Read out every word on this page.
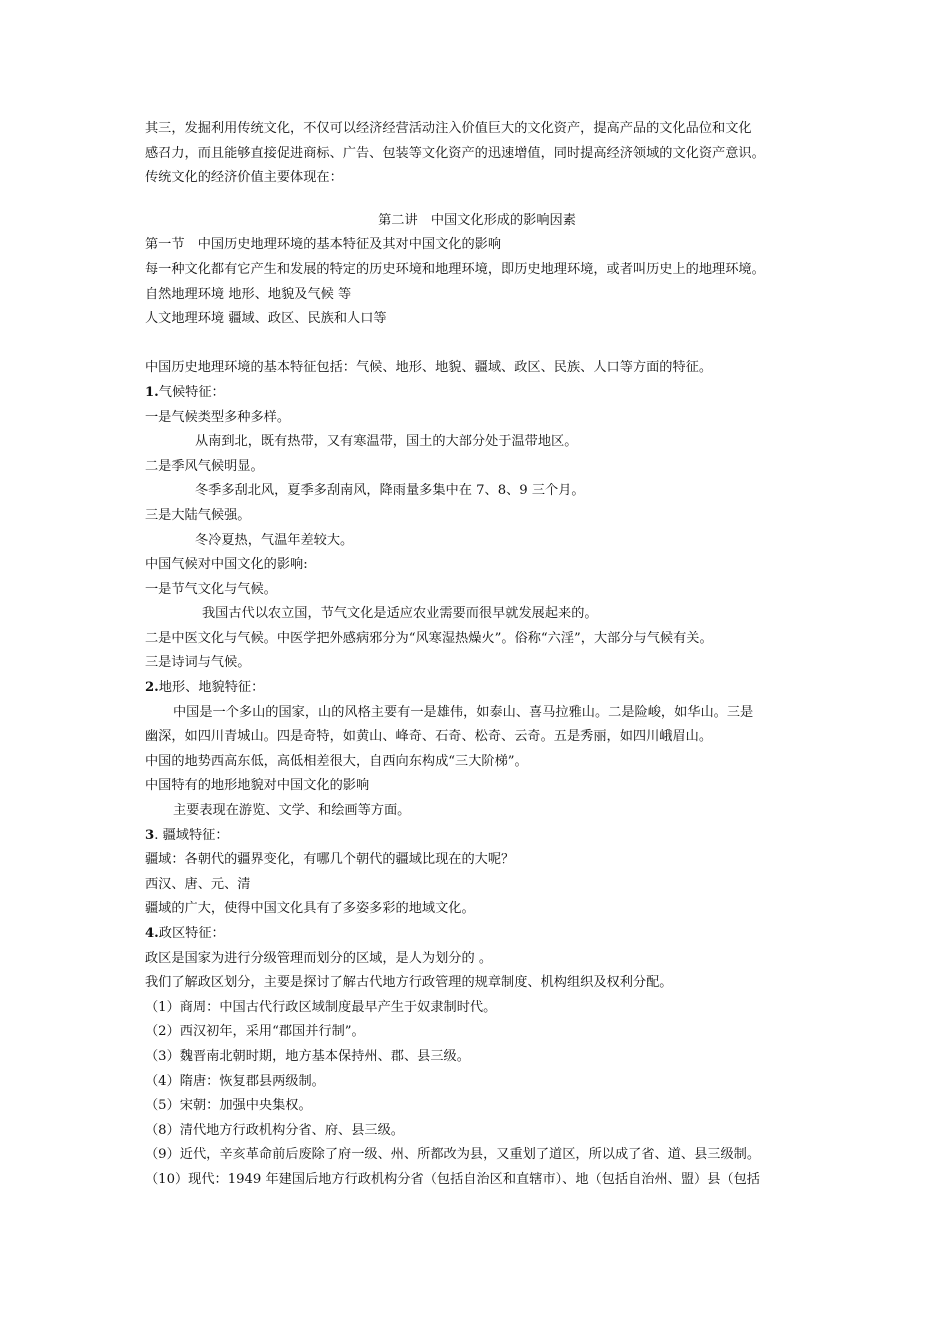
其三，发掘利用传统文化，不仅可以经济经营活动注入价值巨大的文化资产，提高产品的文化品位和文化
感召力，而且能够直接促进商标、广告、包装等文化资产的迅速增值，同时提高经济领域的文化资产意识。
传统文化的经济价值主要体现在：
第二讲　中国文化形成的影响因素
第一节　中国历史地理环境的基本特征及其对中国文化的影响
每一种文化都有它产生和发展的特定的历史环境和地理环境，即历史地理环境，或者叫历史上的地理环境。
自然地理环境 地形、地貌及气候 等
人文地理环境 疆域、政区、民族和人口等
中国历史地理环境的基本特征包括：气候、地形、地貌、疆域、政区、民族、人口等方面的特征。
1.气候特征：
一是气候类型多种多样。
从南到北，既有热带，又有寒温带，国土的大部分处于温带地区。
二是季风气候明显。
冬季多刮北风，夏季多刮南风，降雨量多集中在 7、8、9 三个月。
三是大陆气候强。
冬冷夏热，气温年差较大。
中国气候对中国文化的影响:
一是节气文化与气候。
我国古代以农立国，节气文化是适应农业需要而很早就发展起来的。
二是中医文化与气候。中医学把外感病邪分为“风寒湿热燥火”。俗称“六淫”，大部分与气候有关。
三是诗词与气候。
2.地形、地貌特征：
中国是一个多山的国家，山的风格主要有一是雄伟，如泰山、喜马拉雅山。二是险峻，如华山。三是
幽深，如四川青城山。四是奇特，如黄山、峰奇、石奇、松奇、云奇。五是秀丽，如四川峨眉山。
中国的地势西高东低，高低相差很大，自西向东构成“三大阶梯”。
中国特有的地形地貌对中国文化的影响
主要表现在游览、文学、和绘画等方面。
3. 疆域特征：
疆域：各朝代的疆界变化，有哪几个朝代的疆域比现在的大呢？
西汉、唐、元、清
疆域的广大，使得中国文化具有了多姿多彩的地域文化。
4.政区特征：
政区是国家为进行分级管理而划分的区域，是人为划分的 。
我们了解政区划分，主要是探讨了解古代地方行政管理的规章制度、机构组织及权利分配。
（1）商周：中国古代行政区域制度最早产生于奴隶制时代。
（2）西汉初年，采用“郡国并行制”。
（3）魏晋南北朝时期，地方基本保持州、郡、县三级。
（4）隋唐：恢复郡县两级制。
（5）宋朝：加强中央集权。
（8）清代地方行政机构分省、府、县三级。
（9）近代，辛亥革命前后废除了府一级、州、所都改为县，又重划了道区，所以成了省、道、县三级制。
（10）现代：1949 年建国后地方行政机构分省（包括自治区和直辖市）、地（包括自治州、盟）县（包括
